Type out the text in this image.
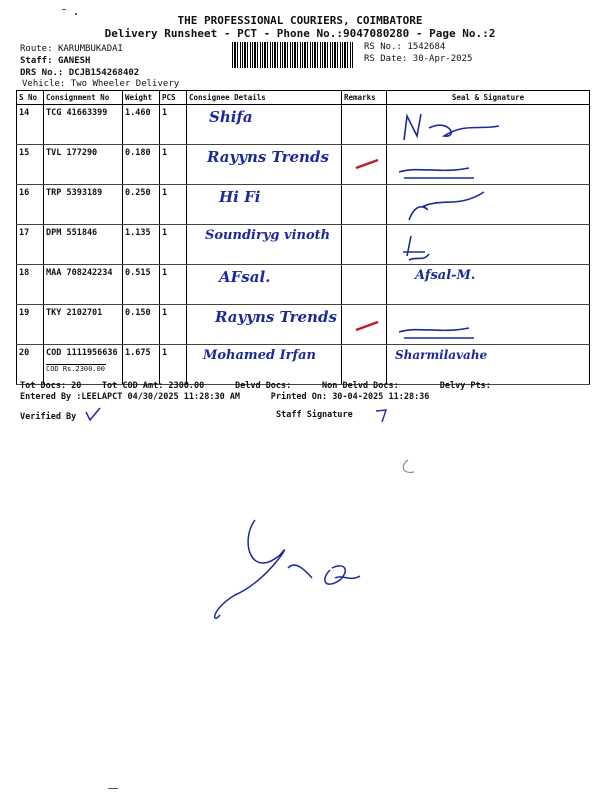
THE PROFESSIONAL COURIERS, COIMBATORE
Delivery Runsheet - PCT - Phone No.:9047080280 - Page No.:2
Route: KARUMBUKADAI
Staff: GANESH
DRS No.: DCJB154268402
Vehicle: Two Wheeler Delivery
RS No.: 1542684
RS Date: 30-Apr-2025
S No	Consignment No	Weight	PCS	Consignee Details	Remarks	Seal & Signature
14	TCG 41663399	1.460	1	Shifa		

15	TVL 177290	0.180	1	Rayyns Trends		

16	TRP 5393189	0.250	1	Hi Fi		

17	DPM 551846	1.135	1	Soundiryg vinoth		

18	MAA 708242234	0.515	1	AFsal.		Afsal-M.
19	TKY 2102701	0.150	1	Rayyns Trends		

20	COD 1111956636
COD Rs.2300.00	1.675	1	Mohamed Irfan		Sharmilavahe
Tot Docs: 20 Tot COD Amt: 2300.00	Delvd Docs:	Non Delvd Docs:	Delvy Pts:
Entered By :LEELAPCT 04/30/2025 11:28:30 AM	Printed On: 30-04-2025 11:28:36
Verified By	Staff Signature
